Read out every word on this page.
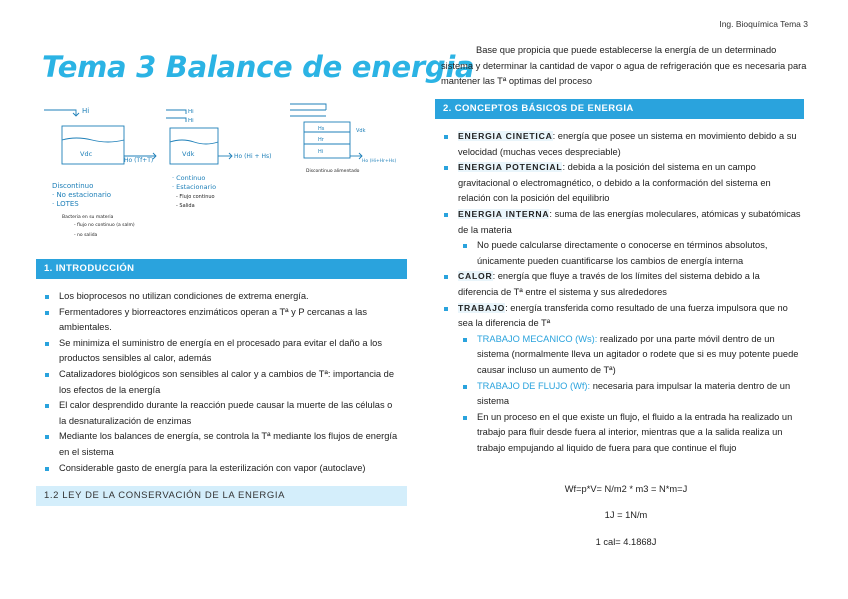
Ing. Bioquímica Tema 3
Tema 3 Balance de energia
Hi
Vdc
Ho (Tf+T)
Discontinuo
· No estacionario
· LOTES
Bacteria en su materia
- flujo no continuo (a salm)
- no salida
Hi
Hi
Vdk	Ho (Hi + Hs)
· Continuo
· Estacionario
- Flujo continuo
- Salida
Hs
Hr
Hi
Vdk
Ho (Hi+Hr+Hs)
Discontinuo alimentado
1. INTRODUCCIÓN
Los bioprocesos no utilizan condiciones de extrema energía.
Fermentadores y biorreactores enzimáticos operan a Tª y P cercanas a las ambientales.
Se minimiza el suministro de energía en el procesado para evitar el daño a los productos sensibles al calor, además
Catalizadores biológicos son sensibles al calor y a cambios de Tª: importancia de los efectos de la energía
El calor desprendido durante la reacción puede causar la muerte de las células o la desnaturalización de enzimas
Mediante los balances de energía, se controla la Tª mediante los flujos de energía en el sistema
Considerable gasto de energía para la esterilización con vapor (autoclave)
1.2 LEY DE LA CONSERVACIÓN DE LA ENERGIA
Base que propicia que puede establecerse la energía de un determinado sistema y determinar la cantidad de vapor o agua de refrigeración que es necesaria para mantener las Tª optimas del proceso
2. CONCEPTOS BÁSICOS DE ENERGIA
ENERGIA CINETICA: energía que posee un sistema en movimiento debido a su velocidad (muchas veces despreciable)
ENERGIA POTENCIAL: debida a la posición del sistema en un campo gravitacional o electromagnético, o debido a la conformación del sistema en relación con la posición del equilibrio
ENERGIA INTERNA: suma de las energías moleculares, atómicas y subatómicas de la materia
No puede calcularse directamente o conocerse en términos absolutos, únicamente pueden cuantificarse los cambios de energía interna
CALOR: energía que fluye a través de los límites del sistema debido a la diferencia de Tª entre el sistema y sus alrededores
TRABAJO: energía transferida como resultado de una fuerza impulsora que no sea la diferencia de Tª
TRABAJO MECANICO (Ws): realizado por una parte móvil dentro de un sistema (normalmente lleva un agitador o rodete que si es muy potente puede causar incluso un aumento de Tª)
TRABAJO DE FLUJO (Wf): necesaria para impulsar la materia dentro de un sistema
En un proceso en el que existe un flujo, el fluido a la entrada ha realizado un trabajo para fluir desde fuera al interior, mientras que a la salida realiza un trabajo empujando al liquido de fuera para que continue el flujo
Wf=p*V= N/m2 * m3 = N*m=J
1J = 1N/m
1 cal= 4.1868J
